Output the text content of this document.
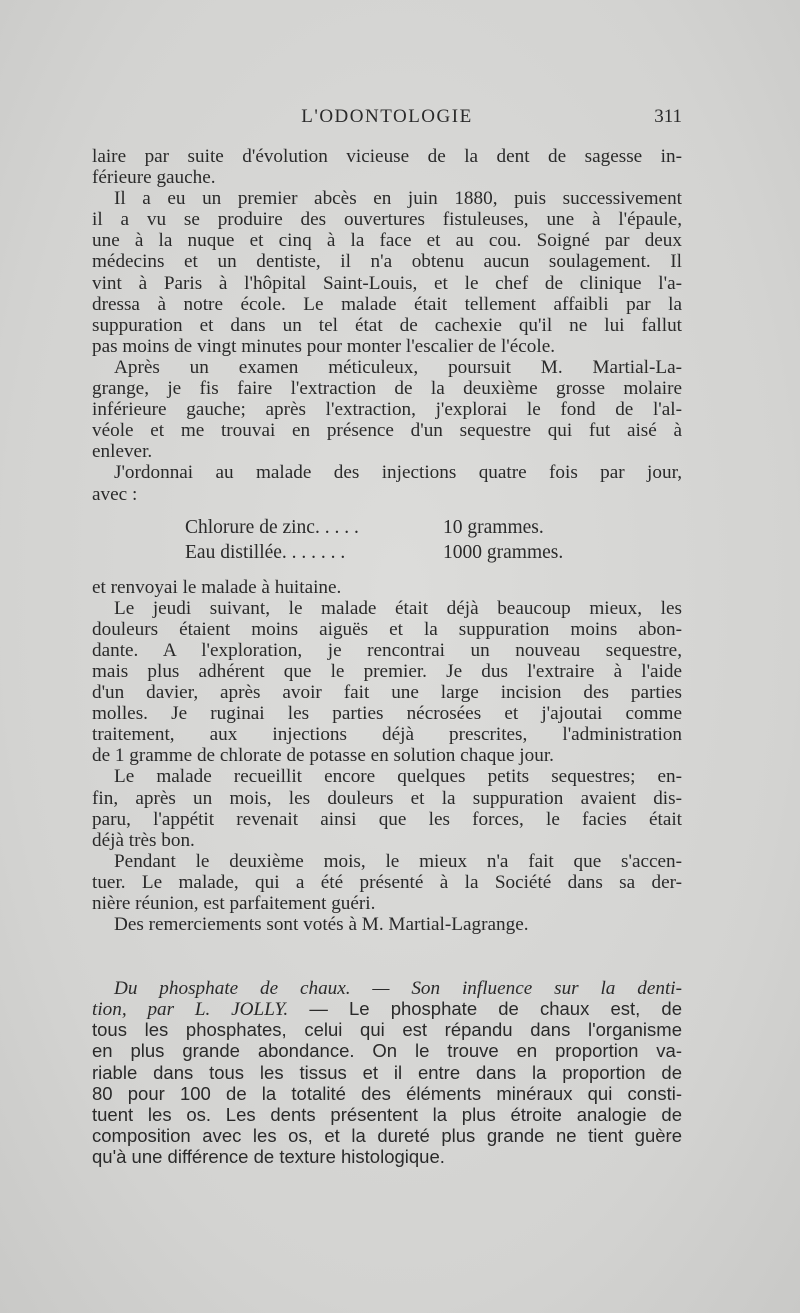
L'ODONTOLOGIE	311
laire par suite d'évolution vicieuse de la dent de sagesse in-
férieure gauche.
Il a eu un premier abcès en juin 1880, puis successivement
il a vu se produire des ouvertures fistuleuses, une à l'épaule,
une à la nuque et cinq à la face et au cou. Soigné par deux
médecins et un dentiste, il n'a obtenu aucun soulagement. Il
vint à Paris à l'hôpital Saint-Louis, et le chef de clinique l'a-
dressa à notre école. Le malade était tellement affaibli par la
suppuration et dans un tel état de cachexie qu'il ne lui fallut
pas moins de vingt minutes pour monter l'escalier de l'école.
Après un examen méticuleux, poursuit M. Martial-La-
grange, je fis faire l'extraction de la deuxième grosse molaire
inférieure gauche; après l'extraction, j'explorai le fond de l'al-
véole et me trouvai en présence d'un sequestre qui fut aisé à
enlever.
J'ordonnai au malade des injections quatre fois par jour,
avec :
Chlorure de zinc. . . . .	10 grammes.
Eau distillée. . . . . . .	1000 grammes.
et renvoyai le malade à huitaine.
Le jeudi suivant, le malade était déjà beaucoup mieux, les
douleurs étaient moins aiguës et la suppuration moins abon-
dante. A l'exploration, je rencontrai un nouveau sequestre,
mais plus adhérent que le premier. Je dus l'extraire à l'aide
d'un davier, après avoir fait une large incision des parties
molles. Je ruginai les parties nécrosées et j'ajoutai comme
traitement, aux injections déjà prescrites, l'administration
de 1 gramme de chlorate de potasse en solution chaque jour.
Le malade recueillit encore quelques petits sequestres; en-
fin, après un mois, les douleurs et la suppuration avaient dis-
paru, l'appétit revenait ainsi que les forces, le facies était
déjà très bon.
Pendant le deuxième mois, le mieux n'a fait que s'accen-
tuer. Le malade, qui a été présenté à la Société dans sa der-
nière réunion, est parfaitement guéri.
Des remerciements sont votés à M. Martial-Lagrange.
Du phosphate de chaux. — Son influence sur la denti-
tion, par L. JOLLY. — Le phosphate de chaux est, de
tous les phosphates, celui qui est répandu dans l'organisme
en plus grande abondance. On le trouve en proportion va-
riable dans tous les tissus et il entre dans la proportion de
80 pour 100 de la totalité des éléments minéraux qui consti-
tuent les os. Les dents présentent la plus étroite analogie de
composition avec les os, et la dureté plus grande ne tient guère
qu'à une différence de texture histologique.
